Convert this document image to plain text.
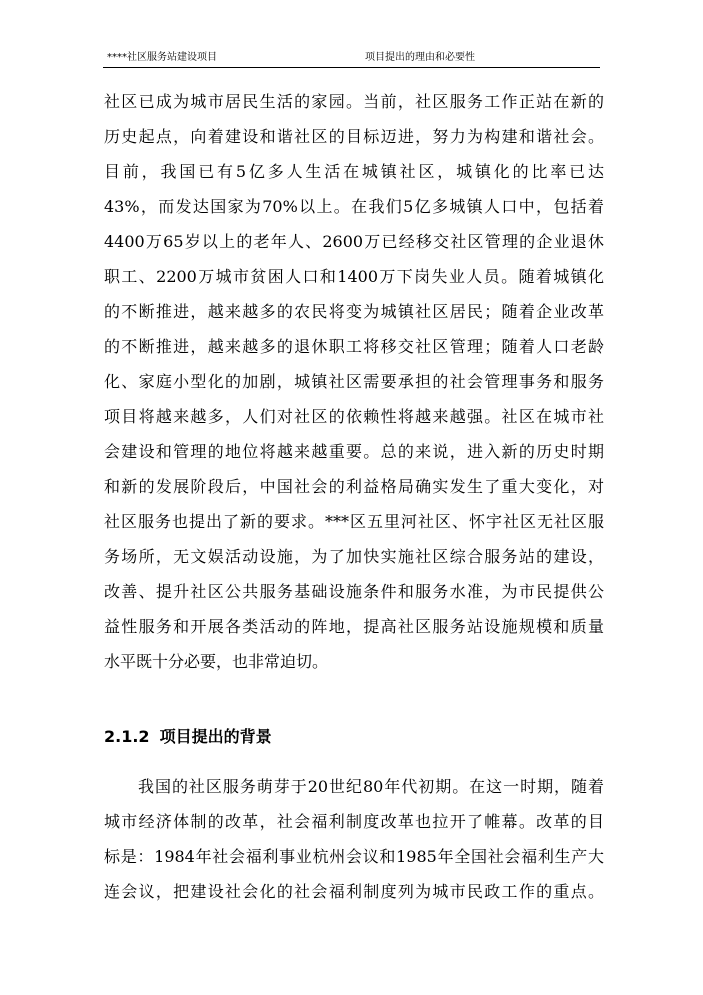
****社区服务站建设项目	项目提出的理由和必要性
社区已成为城市居民生活的家园。当前，社区服务工作正站在新的
历史起点，向着建设和谐社区的目标迈进，努力为构建和谐社会。
目前，我国已有5亿多人生活在城镇社区，城镇化的比率已达
43%，而发达国家为70%以上。在我们5亿多城镇人口中，包括着
4400万65岁以上的老年人、2600万已经移交社区管理的企业退休
职工、2200万城市贫困人口和1400万下岗失业人员。随着城镇化
的不断推进，越来越多的农民将变为城镇社区居民；随着企业改革
的不断推进，越来越多的退休职工将移交社区管理；随着人口老龄
化、家庭小型化的加剧，城镇社区需要承担的社会管理事务和服务
项目将越来越多，人们对社区的依赖性将越来越强。社区在城市社
会建设和管理的地位将越来越重要。总的来说，进入新的历史时期
和新的发展阶段后，中国社会的利益格局确实发生了重大变化，对
社区服务也提出了新的要求。***区五里河社区、怀宇社区无社区服
务场所，无文娱活动设施，为了加快实施社区综合服务站的建设，
改善、提升社区公共服务基础设施条件和服务水准，为市民提供公
益性服务和开展各类活动的阵地，提高社区服务站设施规模和质量
水平既十分必要，也非常迫切。
2.1.2 项目提出的背景
我国的社区服务萌芽于20世纪80年代初期。在这一时期，随着
城市经济体制的改革，社会福利制度改革也拉开了帷幕。改革的目
标是：1984年社会福利事业杭州会议和1985年全国社会福利生产大
连会议，把建设社会化的社会福利制度列为城市民政工作的重点。
